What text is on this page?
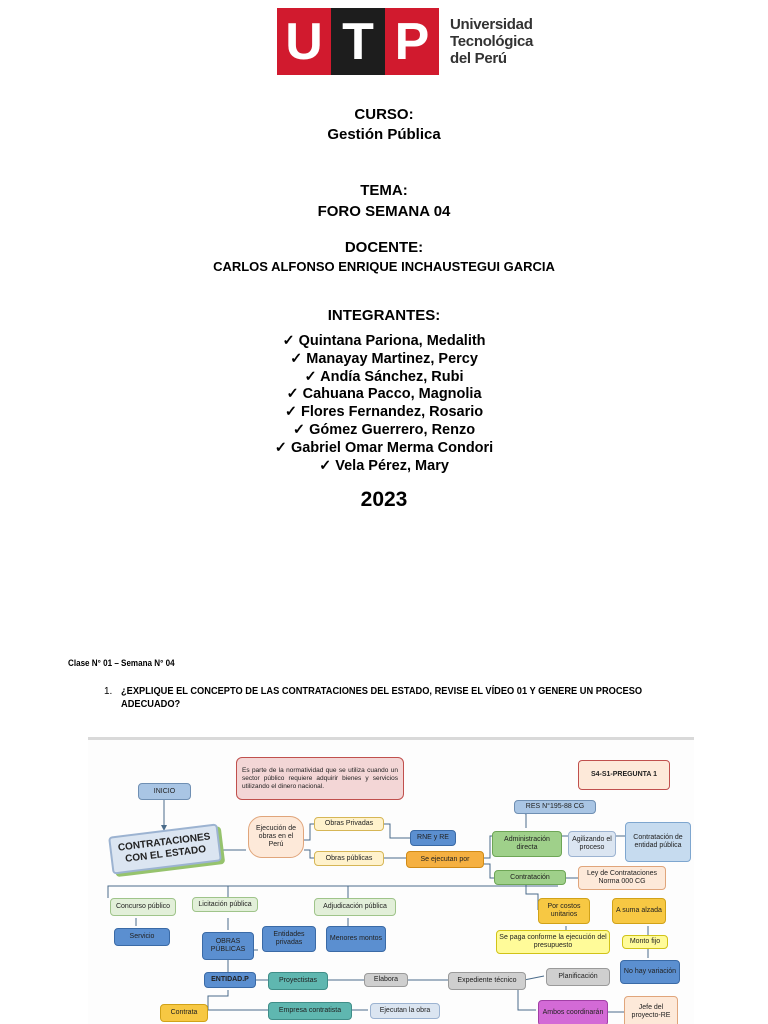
U T P	Universidad
Tecnológica
del Perú
CURSO:
Gestión Pública
TEMA:
FORO SEMANA 04
DOCENTE:
CARLOS ALFONSO ENRIQUE INCHAUSTEGUI GARCIA
INTEGRANTES:
✓ Quintana Pariona, Medalith
✓ Manayay Martinez, Percy
✓ Andía Sánchez, Rubi
✓ Cahuana Pacco, Magnolia
✓ Flores Fernandez, Rosario
✓ Gómez Guerrero, Renzo
✓ Gabriel Omar Merma Condori
✓ Vela Pérez, Mary
2023
Clase N° 01 – Semana N° 04
1. ¿EXPLIQUE EL CONCEPTO DE LAS CONTRATACIONES DEL ESTADO, REVISE EL VÍDEO 01 Y GENERE UN PROCESO ADECUADO?
INICIO
Es parte de la normatividad que se utiliza cuando un sector público requiere adquirir bienes y servicios utilizando el dinero nacional.
S4-S1-PREGUNTA 1
CONTRATACIONES CON EL ESTADO
Ejecución de obras en el Perú
Obras Privadas
Obras públicas
RNE y RE
Se ejecutan por
RES N°195-88 CG
Administración directa
Agilizando el proceso
Contratación de entidad pública
Contratación	Ley de Contrataciones Norma 000 CG
Concurso público	Licitación pública	Adjudicación pública
Servicio
OBRAS PÚBLICAS
Entidades privadas
Menores montos
Por costos unitarios
A suma alzada
Se paga conforme la ejecución del presupuesto
Monto fijo
No hay variación
ENTIDAD.P	Proyectistas	Elabora	Expediente técnico
Planificación
Contrata	Empresa contratista	Ejecutan la obra	Ambos coordinarán
Jefe del proyecto-RE
